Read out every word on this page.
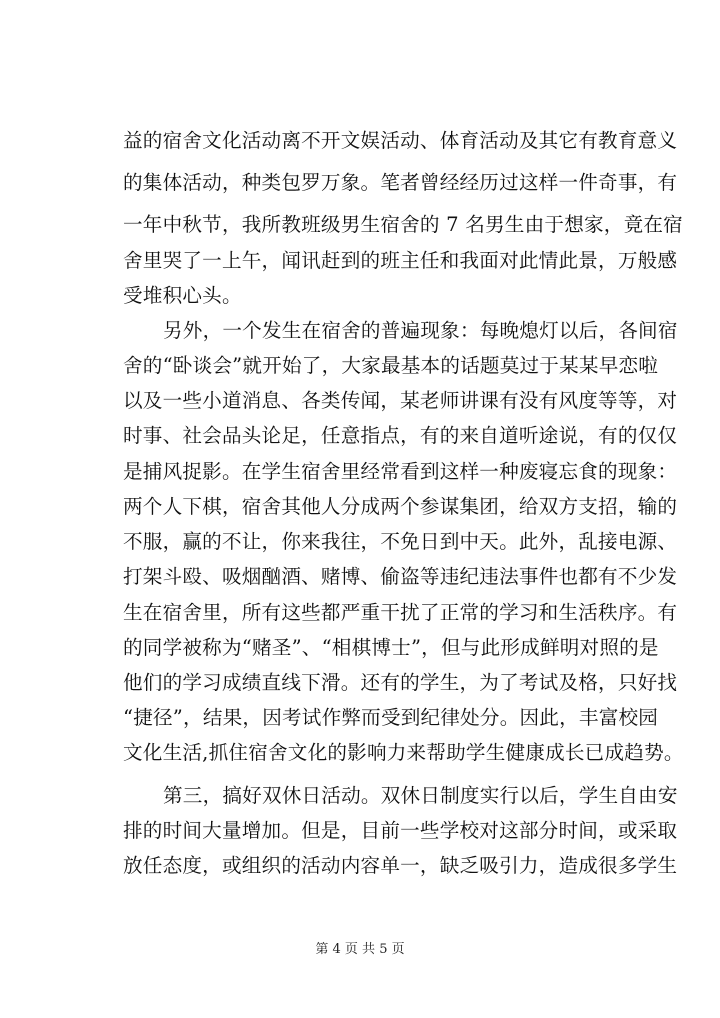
益的宿舍文化活动离不开文娱活动、体育活动及其它有教育意义
的集体活动，种类包罗万象。笔者曾经经历过这样一件奇事，有
一年中秋节，我所教班级男生宿舍的 7 名男生由于想家，竟在宿
舍里哭了一上午，闻讯赶到的班主任和我面对此情此景，万般感
受堆积心头。
另外，一个发生在宿舍的普遍现象：每晚熄灯以后，各间宿
舍的“卧谈会”就开始了，大家最基本的话题莫过于某某早恋啦
以及一些小道消息、各类传闻，某老师讲课有没有风度等等，对
时事、社会品头论足，任意指点，有的来自道听途说，有的仅仅
是捕风捉影。在学生宿舍里经常看到这样一种废寝忘食的现象：
两个人下棋，宿舍其他人分成两个参谋集团，给双方支招，输的
不服，赢的不让，你来我往，不免日到中天。此外，乱接电源、
打架斗殴、吸烟酗酒、赌博、偷盗等违纪违法事件也都有不少发
生在宿舍里，所有这些都严重干扰了正常的学习和生活秩序。有
的同学被称为“赌圣”、“相棋博士”，但与此形成鲜明对照的是
他们的学习成绩直线下滑。还有的学生，为了考试及格，只好找
“捷径”，结果，因考试作弊而受到纪律处分。因此，丰富校园
文化生活,抓住宿舍文化的影响力来帮助学生健康成长已成趋势。
第三，搞好双休日活动。双休日制度实行以后，学生自由安
排的时间大量增加。但是，目前一些学校对这部分时间，或采取
放任态度，或组织的活动内容单一，缺乏吸引力，造成很多学生
第 4 页 共 5 页
